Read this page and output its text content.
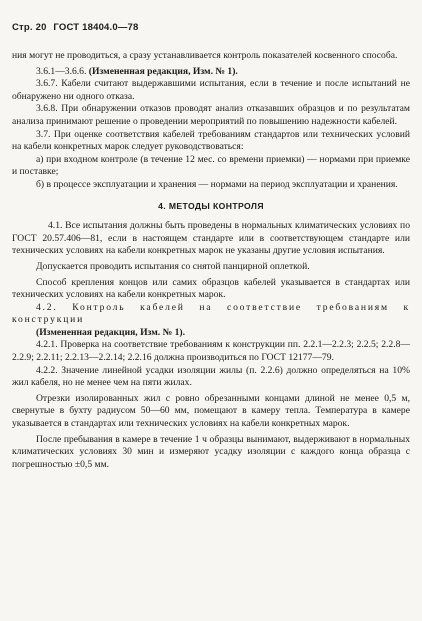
Стр. 20 ГОСТ 18404.0—78

ния могут не проводиться, а сразу устанавливается контроль показателей косвенного способа.

3.6.1—3.6.6. (Измененная редакция, Изм. № 1).

3.6.7. Кабели считают выдержавшими испытания, если в течение и после испытаний не обнаружено ни одного отказа.

3.6.8. При обнаружении отказов проводят анализ отказавших образцов и по результатам анализа принимают решение о проведении мероприятий по повышению надежности кабелей.

3.7. При оценке соответствия кабелей требованиям стандартов или технических условий на кабели конкретных марок следует руководствоваться:

а) при входном контроле (в течение 12 мес. со времени приемки) — нормами при приемке и поставке;

б) в процессе эксплуатации и хранения — нормами на период эксплуатации и хранения.

4. МЕТОДЫ КОНТРОЛЯ

4.1. Все испытания должны быть проведены в нормальных климатических условиях по ГОСТ 20.57.406—81, если в настоящем стандарте или в соответствующем стандарте или технических условиях на кабели конкретных марок не указаны другие условия испытания.

Допускается проводить испытания со снятой панцирной оплеткой.

Способ крепления концов или самих образцов кабелей указывается в стандартах или технических условиях на кабели конкретных марок.

4.2. Контроль кабелей на соответствие требованиям к конструкции

(Измененная редакция, Изм. № 1).

4.2.1. Проверка на соответствие требованиям к конструкции пп. 2.2.1—2.2.3; 2.2.5; 2.2.8—2.2.9; 2.2.11; 2.2.13—2.2.14; 2.2.16 должна производиться по ГОСТ 12177—79.

4.2.2. Значение линейной усадки изоляции жилы (п. 2.2.6) должно определяться на 10% жил кабеля, но не менее чем на пяти жилах.

Отрезки изолированных жил с ровно обрезанными концами длиной не менее 0,5 м, свернутые в бухту радиусом 50—60 мм, помещают в камеру тепла. Температура в камере указывается в стандартах или технических условиях на кабели конкретных марок.

После пребывания в камере в течение 1 ч образцы вынимают, выдерживают в нормальных климатических условиях 30 мин и измеряют усадку изоляции с каждого конца образца с погрешностью ±0,5 мм.
